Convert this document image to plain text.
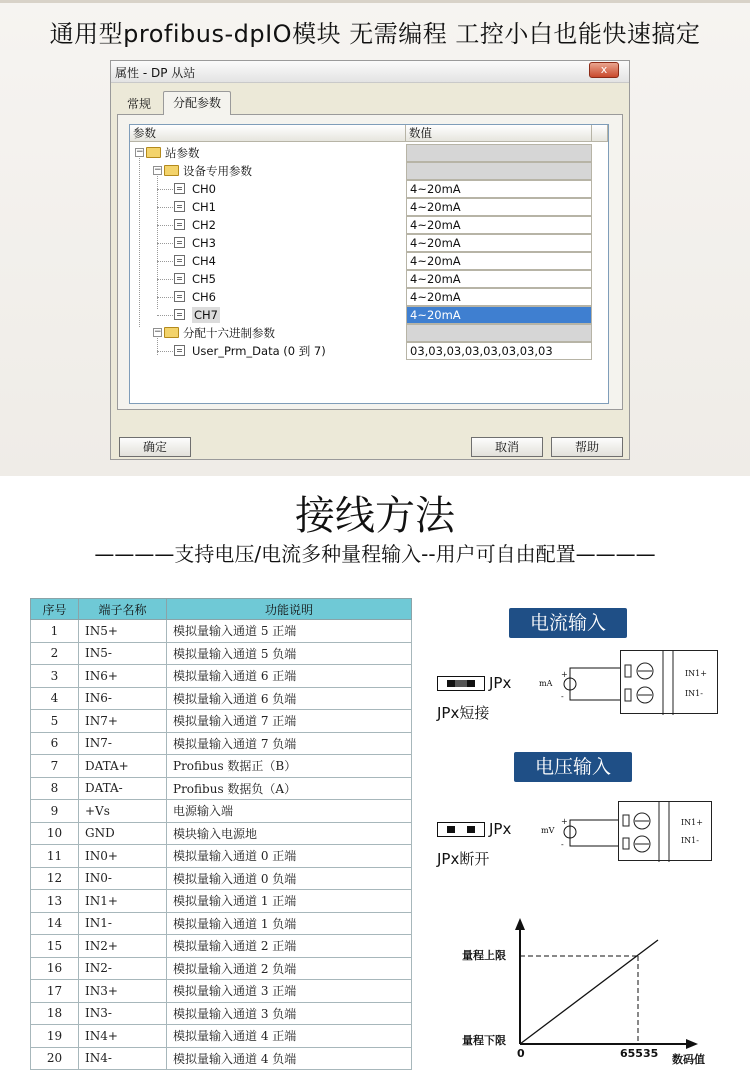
通用型profibus-dpIO模块 无需编程 工控小白也能快速搞定
属性 - DP 从站	x
常规	分配参数
参数	数值
− 站参数
− 设备专用参数
CH0	4~20mA
CH1	4~20mA
CH2	4~20mA
CH3	4~20mA
CH4	4~20mA
CH5	4~20mA
CH6	4~20mA
CH7	4~20mA
− 分配十六进制参数
User_Prm_Data (0 到 7)	03,03,03,03,03,03,03,03
确定	取消	帮助
接线方法
————支持电压/电流多种量程输入--用户可自由配置————
序号	端子名称	功能说明
1	IN5+	模拟量输入通道 5 正端
2	IN5-	模拟量输入通道 5 负端
3	IN6+	模拟量输入通道 6 正端
4	IN6-	模拟量输入通道 6 负端
5	IN7+	模拟量输入通道 7 正端
6	IN7-	模拟量输入通道 7 负端
7	DATA+	Profibus 数据正（B）
8	DATA-	Profibus 数据负（A）
9	+Vs	电源输入端
10	GND	模块输入电源地
11	IN0+	模拟量输入通道 0 正端
12	IN0-	模拟量输入通道 0 负端
13	IN1+	模拟量输入通道 1 正端
14	IN1-	模拟量输入通道 1 负端
15	IN2+	模拟量输入通道 2 正端
16	IN2-	模拟量输入通道 2 负端
17	IN3+	模拟量输入通道 3 正端
18	IN3-	模拟量输入通道 3 负端
19	IN4+	模拟量输入通道 4 正端
20	IN4-	模拟量输入通道 4 负端
电流输入
JPx
JPx短接
mA
+
-
IN1+
IN1-
电压输入
JPx
JPx断开
mV
+
-
IN1+
IN1-
量程上限
量程下限
0	65535 数码值
